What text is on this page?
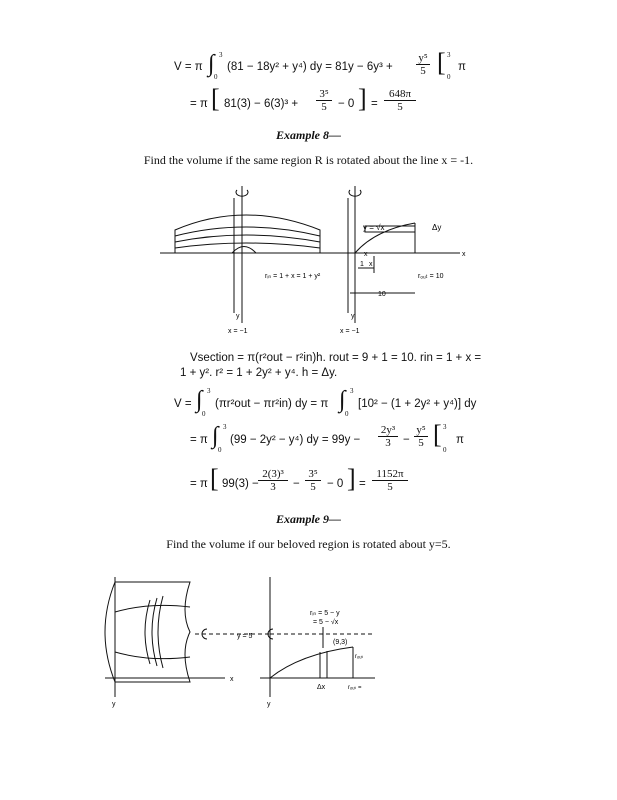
V = π ∫ 3
0
(81 − 18y² + y⁴) dy = $81y - 6y^3 + \frac{\text{y⁵}}{5}$ [ 3
0
π
= π [ $81(3) - 6(3)^3 + \frac{\text{3⁵}}{5} - 0$ ] = $\frac{648\pi}{5}$
Example 8—
Find the volume if the same region R is rotated about the line x = -1.
y = √x	Δy
x
x
rᵢₙ = 1 + x = 1 + y²	rₒᵤₜ = 10
1 x
10
y
x = −1
y
x = −1
Vsection = π(r²out − r²in)h. rout = 9 + 1 = 10. rin = 1 + x =
1 + y². r² = 1 + 2y² + y⁴. h = Δy.
V = ∫ 3
0
(πr²out − πr²in) dy = π ∫ 3
0
[10² − (1 + 2y² + y⁴)] dy
= π ∫ 3
0
(99 − 2y² − y⁴) dy = $99y - \frac{\text{2y³}}{3} - \frac{\text{y⁵}}{5}$ [ 3
0
π
= π [ $99(3) - \frac{\text{2(3)³}}{3} - \frac{\text{3⁵}}{5} - 0$ ] = $\frac{1152\pi}{5}$
Example 9—
Find the volume if our beloved region is rotated about y=5.
y = 5
x
y	y
rᵢₙ = 5 − y
= 5 − √x
(9,3)
rₒᵤₜ
Δx	rₒᵤₜ =
